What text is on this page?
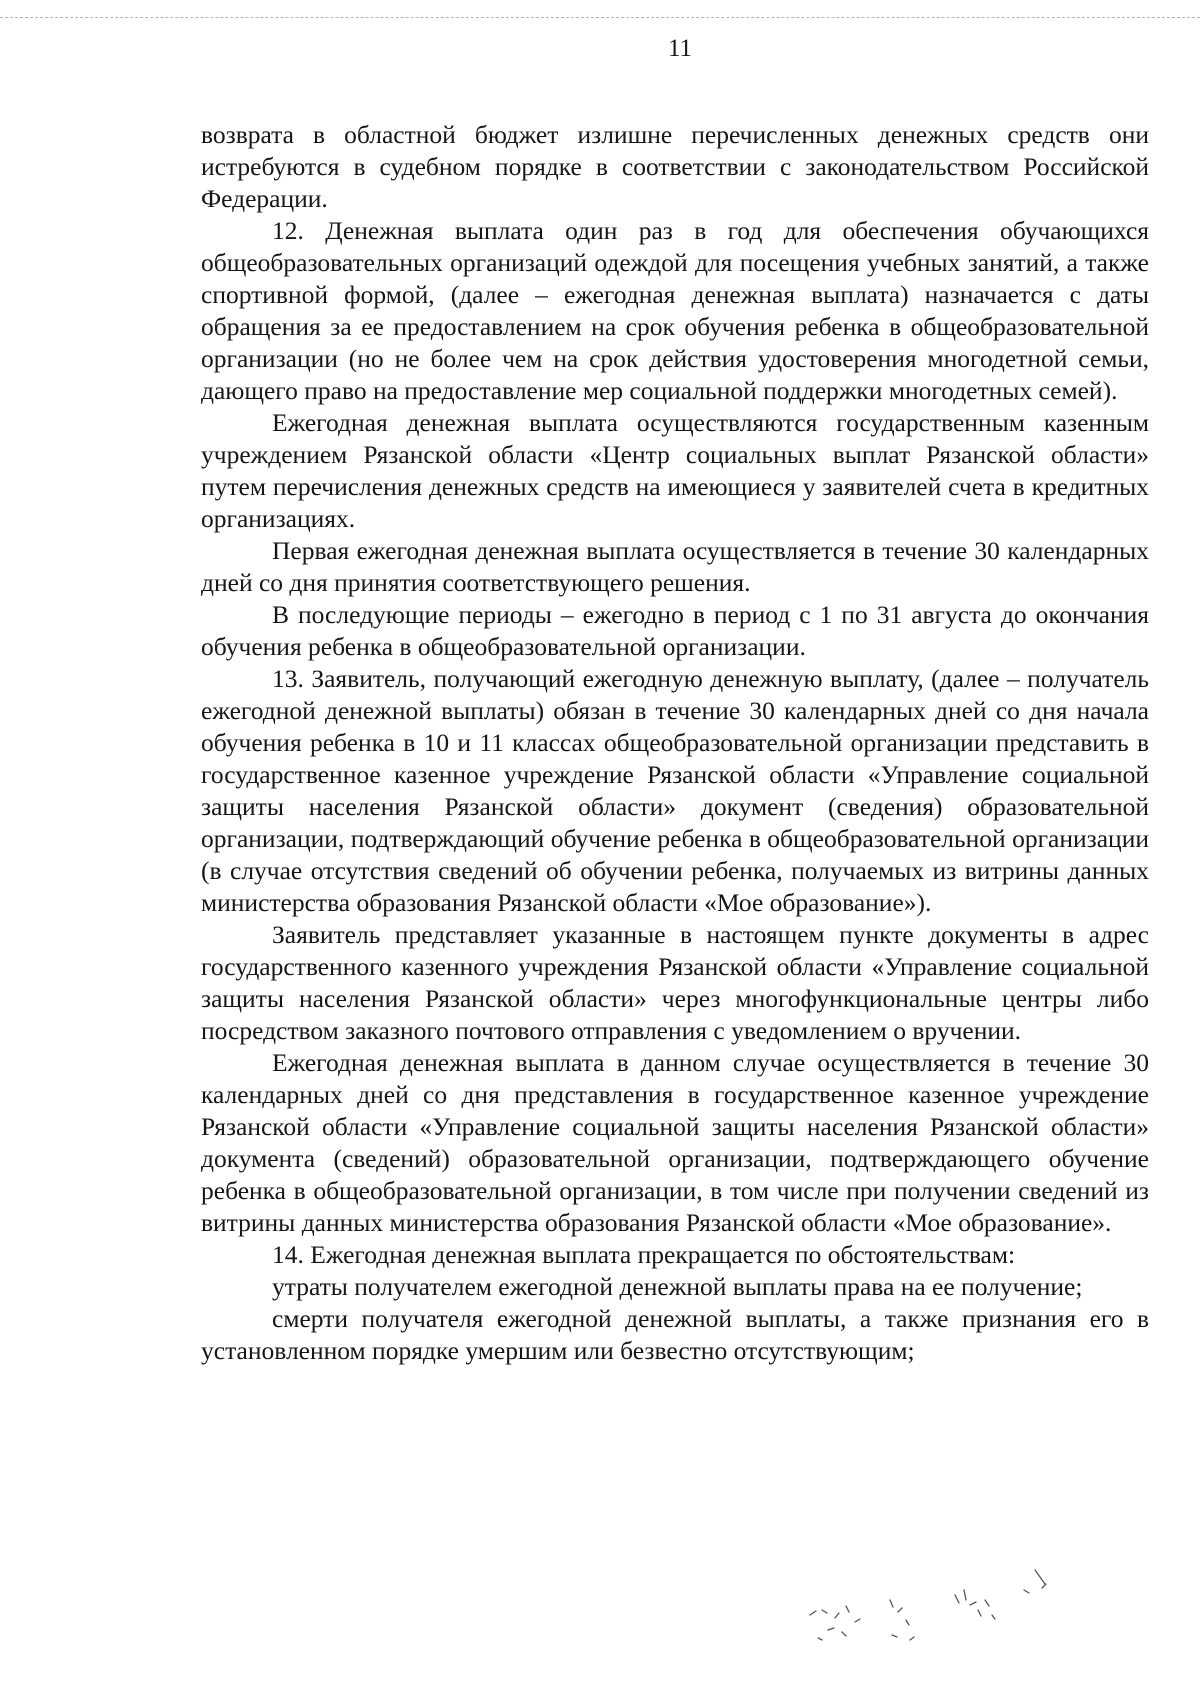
11

возврата в областной бюджет излишне перечисленных денежных средств они истребуются в судебном порядке в соответствии с законодательством Российской Федерации.

12. Денежная выплата один раз в год для обеспечения обучающихся общеобразовательных организаций одеждой для посещения учебных занятий, а также спортивной формой, (далее – ежегодная денежная выплата) назначается с даты обращения за ее предоставлением на срок обучения ребенка в общеобразовательной организации (но не более чем на срок действия удостоверения многодетной семьи, дающего право на предоставление мер социальной поддержки многодетных семей).

Ежегодная денежная выплата осуществляются государственным казенным учреждением Рязанской области «Центр социальных выплат Рязанской области» путем перечисления денежных средств на имеющиеся у заявителей счета в кредитных организациях.

Первая ежегодная денежная выплата осуществляется в течение 30 календарных дней со дня принятия соответствующего решения.

В последующие периоды – ежегодно в период с 1 по 31 августа до окончания обучения ребенка в общеобразовательной организации.

13. Заявитель, получающий ежегодную денежную выплату, (далее – получатель ежегодной денежной выплаты) обязан в течение 30 календарных дней со дня начала обучения ребенка в 10 и 11 классах общеобразовательной организации представить в государственное казенное учреждение Рязанской области «Управление социальной защиты населения Рязанской области» документ (сведения) образовательной организации, подтверждающий обучение ребенка в общеобразовательной организации (в случае отсутствия сведений об обучении ребенка, получаемых из витрины данных министерства образования Рязанской области «Мое образование»).

Заявитель представляет указанные в настоящем пункте документы в адрес государственного казенного учреждения Рязанской области «Управление социальной защиты населения Рязанской области» через многофункциональные центры либо посредством заказного почтового отправления с уведомлением о вручении.

Ежегодная денежная выплата в данном случае осуществляется в течение 30 календарных дней со дня представления в государственное казенное учреждение Рязанской области «Управление социальной защиты населения Рязанской области» документа (сведений) образовательной организации, подтверждающего обучение ребенка в общеобразовательной организации, в том числе при получении сведений из витрины данных министерства образования Рязанской области «Мое образование».

14. Ежегодная денежная выплата прекращается по обстоятельствам:

утраты получателем ежегодной денежной выплаты права на ее получение;

смерти получателя ежегодной денежной выплаты, а также признания его в установленном порядке умершим или безвестно отсутствующим;
